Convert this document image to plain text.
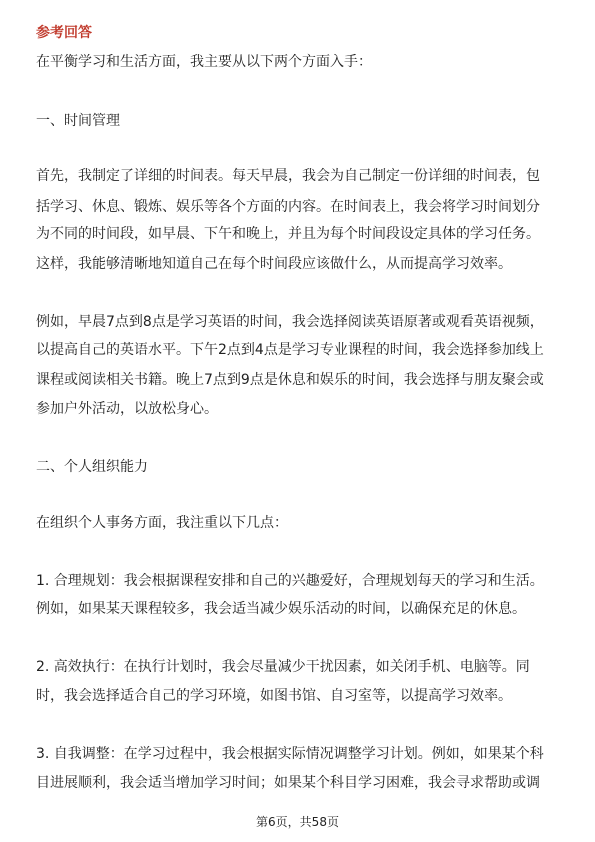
参考回答
在平衡学习和生活方面，我主要从以下两个方面入手：
一、时间管理
首先，我制定了详细的时间表。每天早晨，我会为自己制定一份详细的时间表，包
括学习、休息、锻炼、娱乐等各个方面的内容。在时间表上，我会将学习时间划分
为不同的时间段，如早晨、下午和晚上，并且为每个时间段设定具体的学习任务。
这样，我能够清晰地知道自己在每个时间段应该做什么，从而提高学习效率。
例如，早晨7点到8点是学习英语的时间，我会选择阅读英语原著或观看英语视频，
以提高自己的英语水平。下午2点到4点是学习专业课程的时间，我会选择参加线上
课程或阅读相关书籍。晚上7点到9点是休息和娱乐的时间，我会选择与朋友聚会或
参加户外活动，以放松身心。
二、个人组织能力
在组织个人事务方面，我注重以下几点：
1. 合理规划：我会根据课程安排和自己的兴趣爱好，合理规划每天的学习和生活。
例如，如果某天课程较多，我会适当减少娱乐活动的时间，以确保充足的休息。
2. 高效执行：在执行计划时，我会尽量减少干扰因素，如关闭手机、电脑等。同
时，我会选择适合自己的学习环境，如图书馆、自习室等，以提高学习效率。
3. 自我调整：在学习过程中，我会根据实际情况调整学习计划。例如，如果某个科
目进展顺利，我会适当增加学习时间；如果某个科目学习困难，我会寻求帮助或调
第6页，共58页
